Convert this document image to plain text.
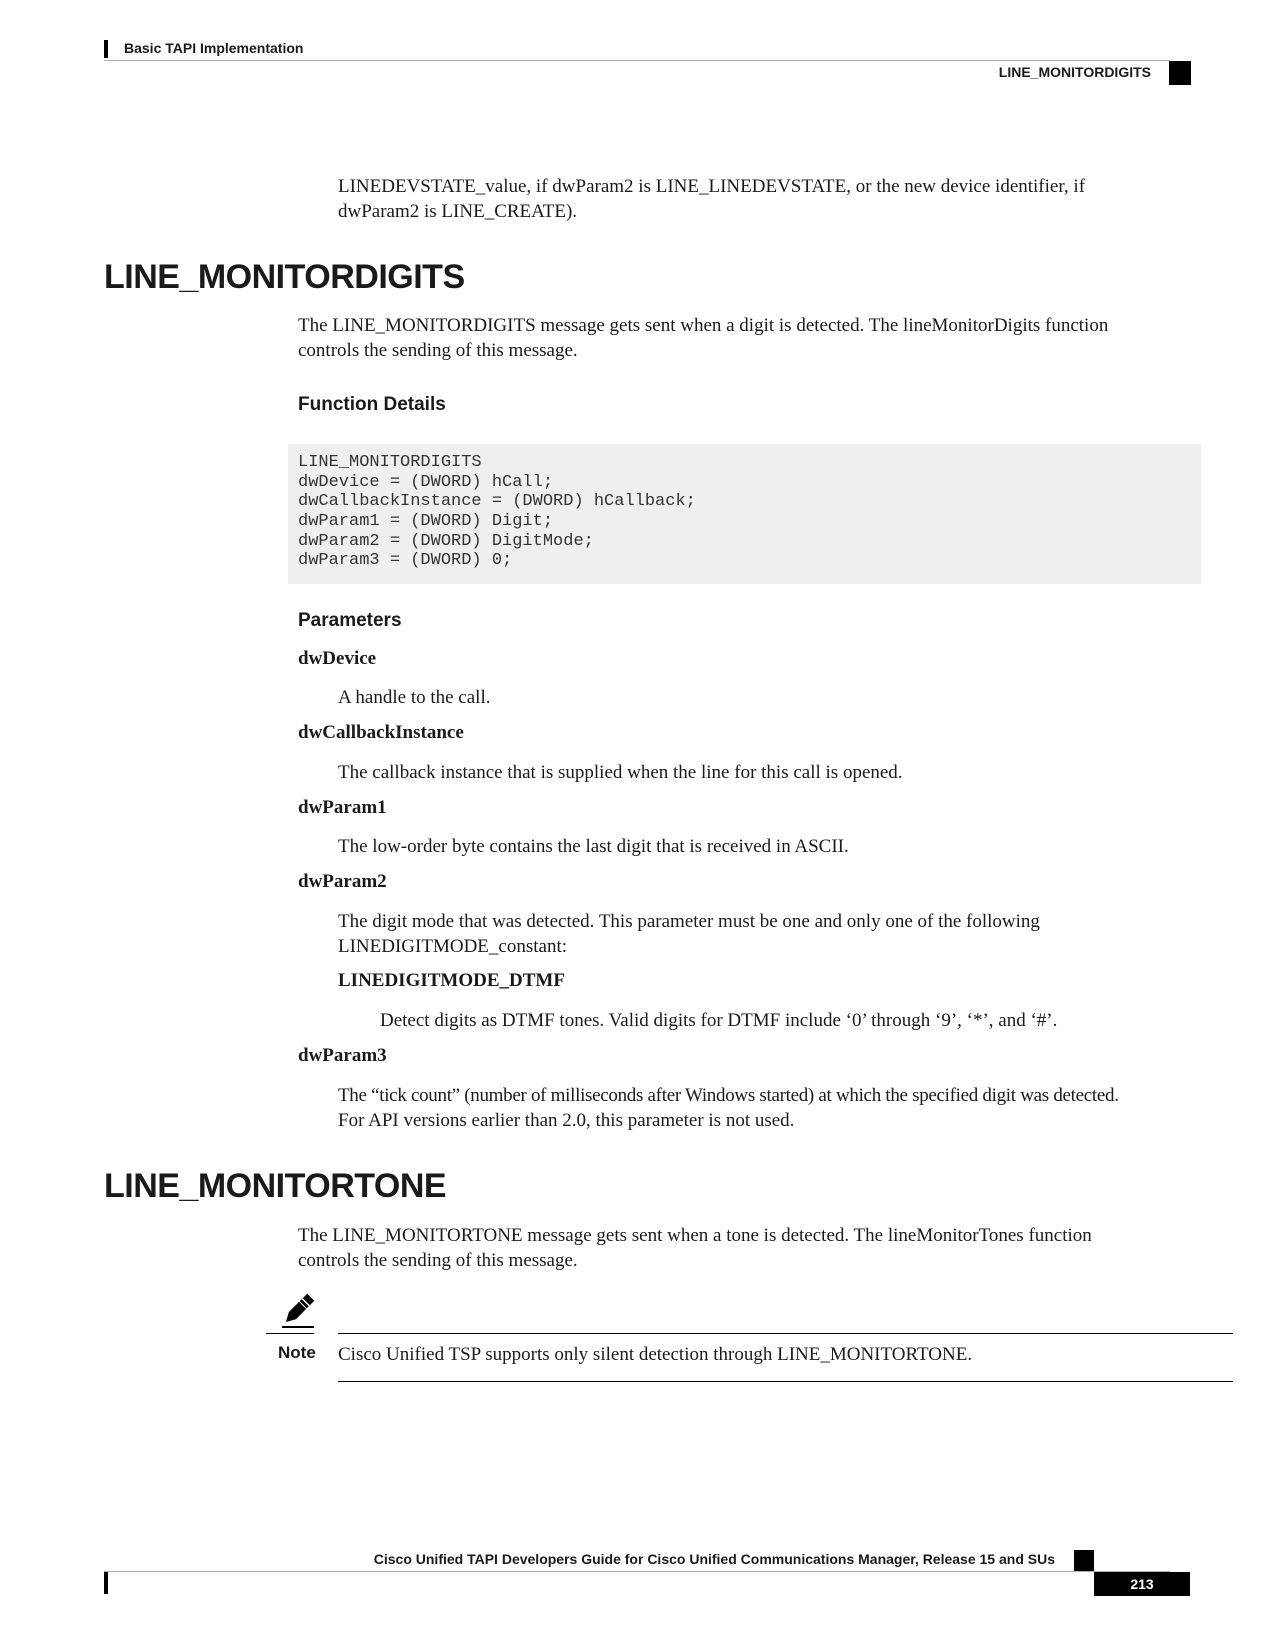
Basic TAPI Implementation
LINE_MONITORDIGITS
LINEDEVSTATE_value, if dwParam2 is LINE_LINEDEVSTATE, or the new device identifier, if
dwParam2 is LINE_CREATE).
LINE_MONITORDIGITS
The LINE_MONITORDIGITS message gets sent when a digit is detected. The lineMonitorDigits function
controls the sending of this message.
Function Details
LINE_MONITORDIGITS
dwDevice = (DWORD) hCall;
dwCallbackInstance = (DWORD) hCallback;
dwParam1 = (DWORD) Digit;
dwParam2 = (DWORD) DigitMode;
dwParam3 = (DWORD) 0;
Parameters
dwDevice
A handle to the call.
dwCallbackInstance
The callback instance that is supplied when the line for this call is opened.
dwParam1
The low-order byte contains the last digit that is received in ASCII.
dwParam2
The digit mode that was detected. This parameter must be one and only one of the following
LINEDIGITMODE_constant:
LINEDIGITMODE_DTMF
Detect digits as DTMF tones. Valid digits for DTMF include ‘0’ through ‘9’, ‘*’, and ‘#’.
dwParam3
The “tick count” (number of milliseconds after Windows started) at which the specified digit was detected.
For API versions earlier than 2.0, this parameter is not used.
LINE_MONITORTONE
The LINE_MONITORTONE message gets sent when a tone is detected. The lineMonitorTones function
controls the sending of this message.
Note Cisco Unified TSP supports only silent detection through LINE_MONITORTONE.
Cisco Unified TAPI Developers Guide for Cisco Unified Communications Manager, Release 15 and SUs
213
